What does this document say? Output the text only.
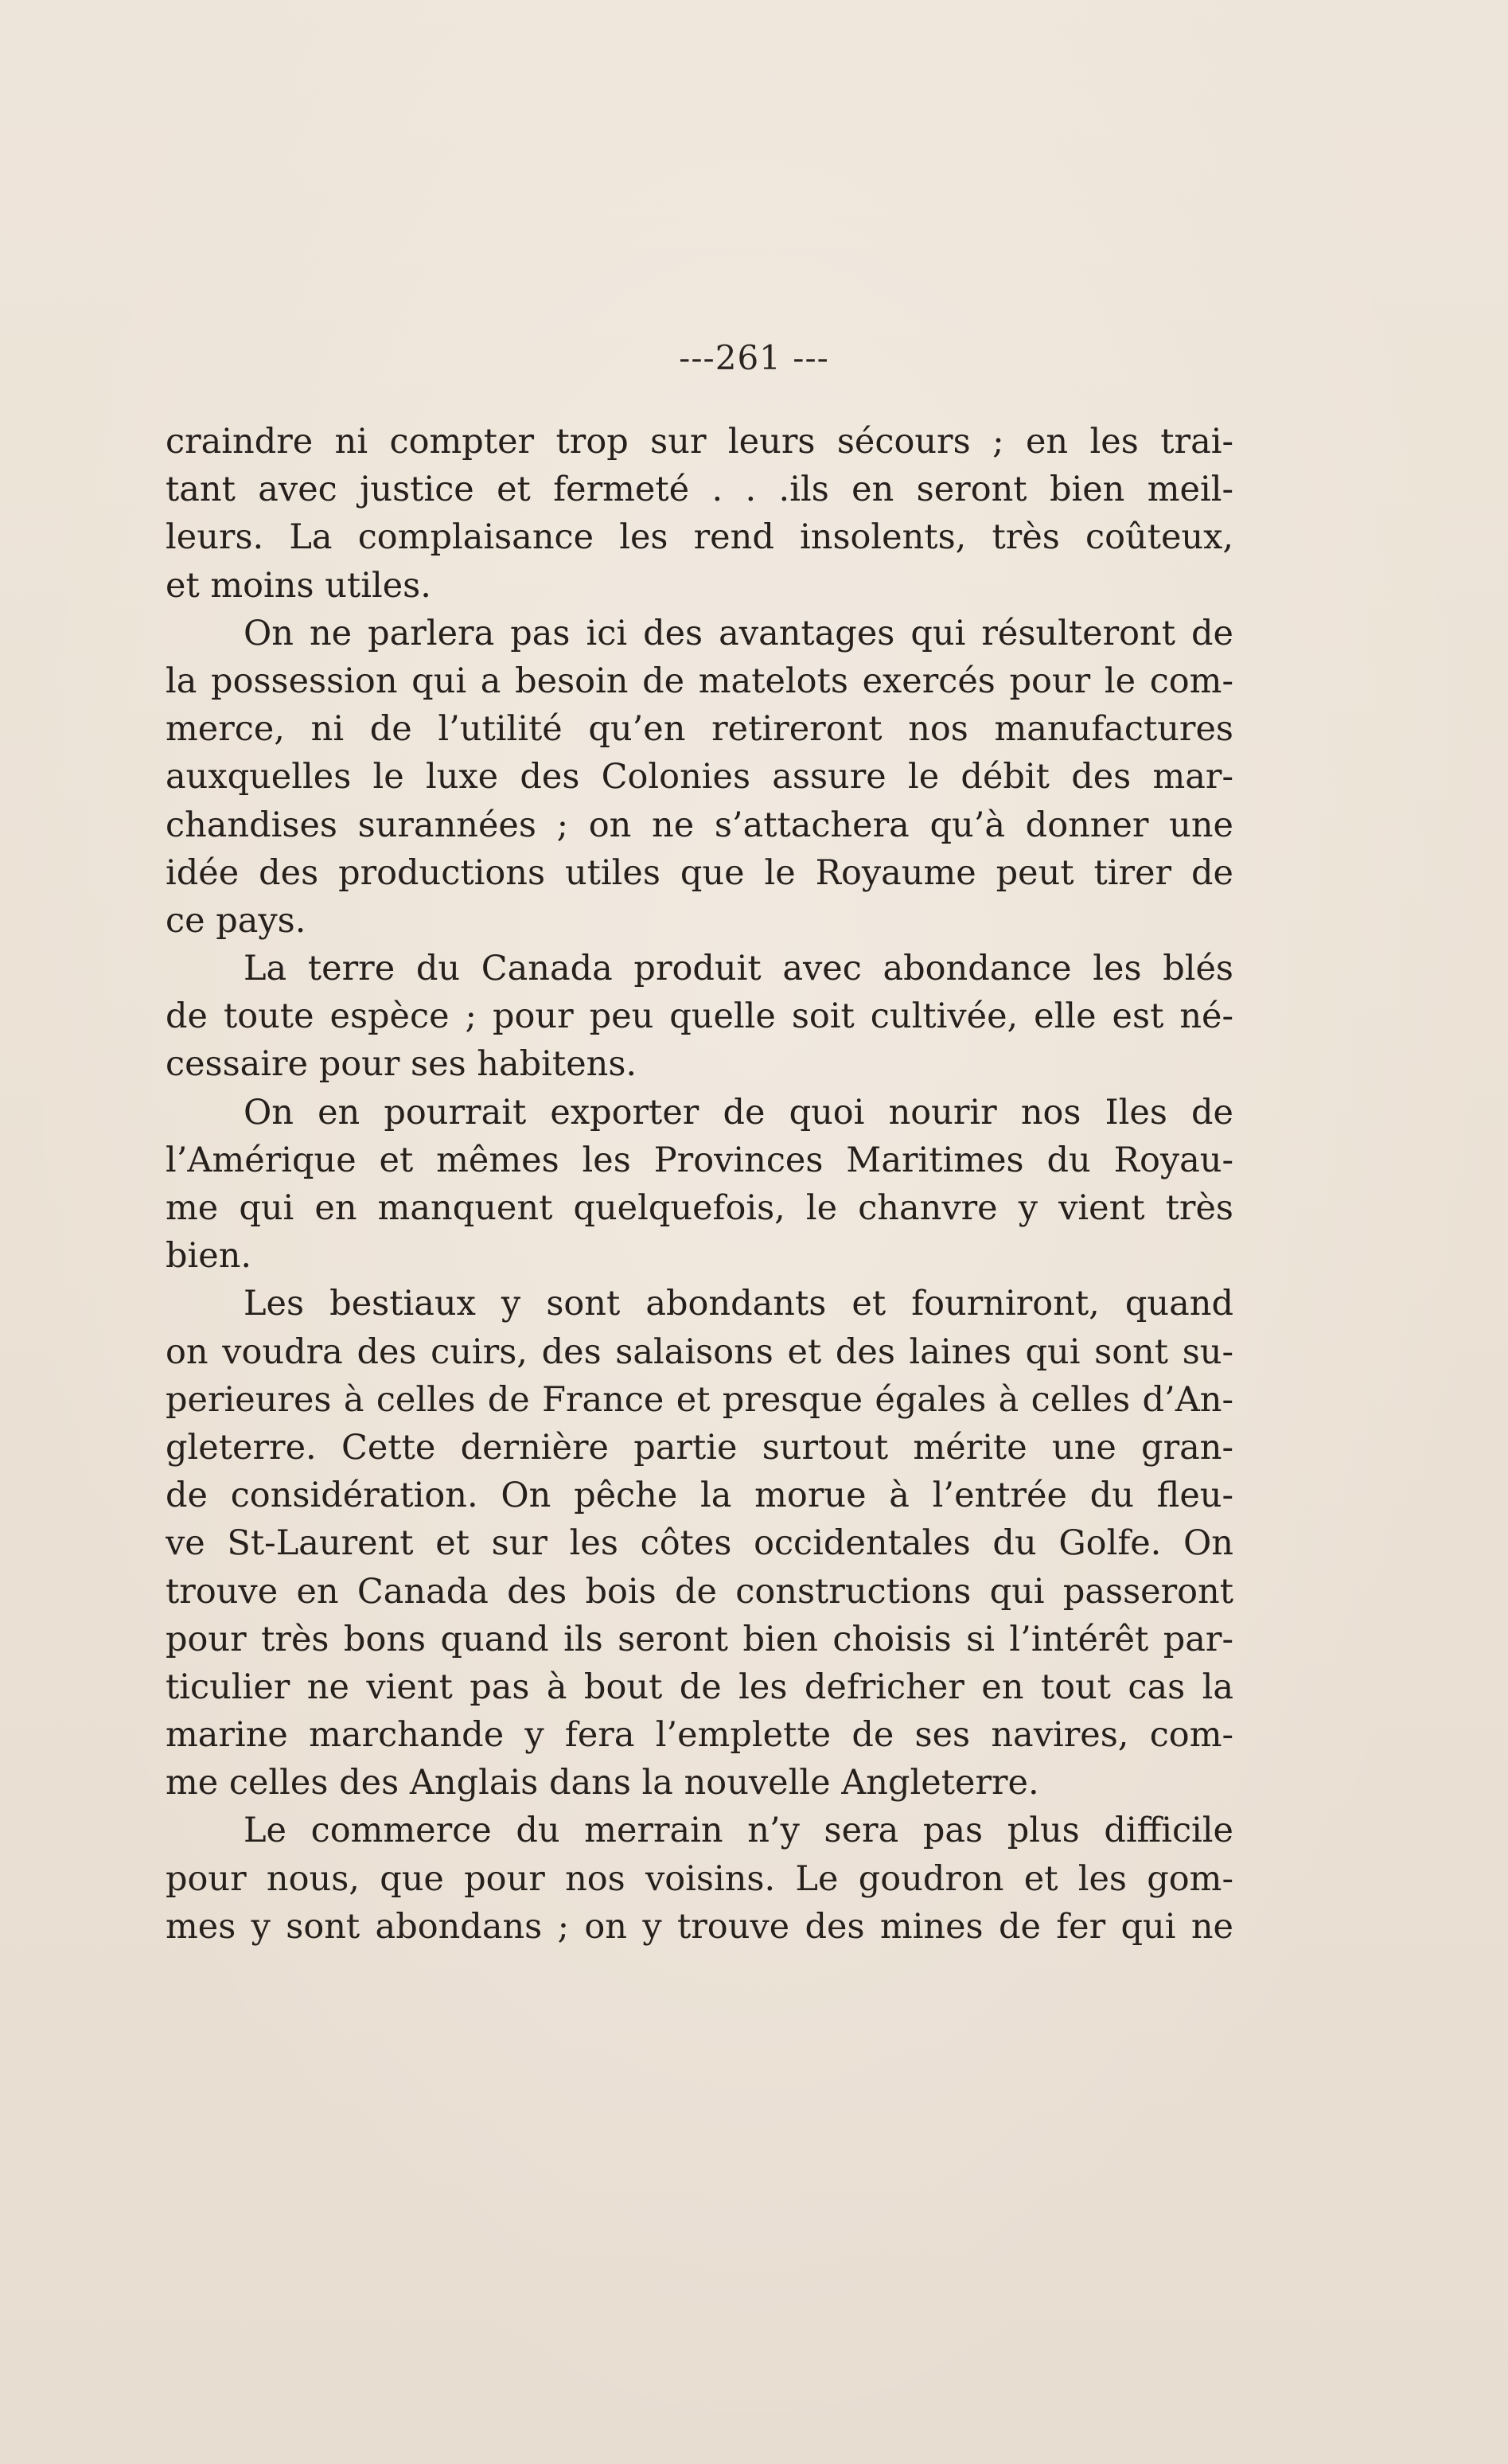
---261 ---
craindre ni compter trop sur leurs sécours ; en les trai-
tant avec justice et fermeté . . .ils en seront bien meil-
leurs. La complaisance les rend insolents, très coûteux,
et moins utiles.
On ne parlera pas ici des avantages qui résulteront de
la possession qui a besoin de matelots exercés pour le com-
merce, ni de l’utilité qu’en retireront nos manufactures
auxquelles le luxe des Colonies assure le débit des mar-
chandises surannées ; on ne s’attachera qu’à donner une
idée des productions utiles que le Royaume peut tirer de
ce pays.
La terre du Canada produit avec abondance les blés
de toute espèce ; pour peu quelle soit cultivée, elle est né-
cessaire pour ses habitens.
On en pourrait exporter de quoi nourir nos Iles de
l’Amérique et mêmes les Provinces Maritimes du Royau-
me qui en manquent quelquefois, le chanvre y vient très
bien.
Les bestiaux y sont abondants et fourniront, quand
on voudra des cuirs, des salaisons et des laines qui sont su-
perieures à celles de France et presque égales à celles d’An-
gleterre. Cette dernière partie surtout mérite une gran-
de considération. On pêche la morue à l’entrée du fleu-
ve St-Laurent et sur les côtes occidentales du Golfe. On
trouve en Canada des bois de constructions qui passeront
pour très bons quand ils seront bien choisis si l’intérêt par-
ticulier ne vient pas à bout de les defricher en tout cas la
marine marchande y fera l’emplette de ses navires, com-
me celles des Anglais dans la nouvelle Angleterre.
Le commerce du merrain n’y sera pas plus difficile
pour nous, que pour nos voisins. Le goudron et les gom-
mes y sont abondans ; on y trouve des mines de fer qui ne
